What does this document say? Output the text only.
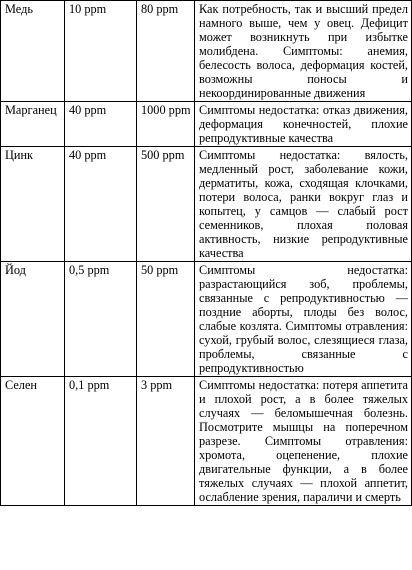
Медь	10 ppm	80 ppm	Как потребность, так и высший предел намного выше, чем у овец. Дефицит может возникнуть при избытке молибдена. Симптомы: анемия, белесость волоса, деформация костей, возможны поносы и некоординированные движения
Марганец	40 ppm	1000 ppm	Симптомы недостатка: отказ движения, деформация конечностей, плохие репродуктивные качества
Цинк	40 ppm	500 ppm	Симптомы недостатка: вялость, медленный рост, заболевание кожи, дерматиты, кожа, сходящая клочками, потери волоса, ранки вокруг глаз и копытец, у самцов — слабый рост семенников, плохая половая активность, низкие репродуктивные качества
Йод	0,5 ppm	50 ppm	Симптомы недостатка: разрастающийся зоб, проблемы, связанные с репродуктивностью — поздние аборты, плоды без волос, слабые козлята. Симптомы отравления: сухой, грубый волос, слезящиеся глаза, проблемы, связанные с репродуктивностью
Селен	0,1 ppm	3 ppm	Симптомы недостатка: потеря аппетита и плохой рост, а в более тяжелых случаях — беломышечная болезнь. Посмотрите мышцы на поперечном разрезе. Симптомы отравления: хромота, оцепенение, плохие двигательные функции, а в более тяжелых случаях — плохой аппетит, ослабление зрения, параличи и смерть
